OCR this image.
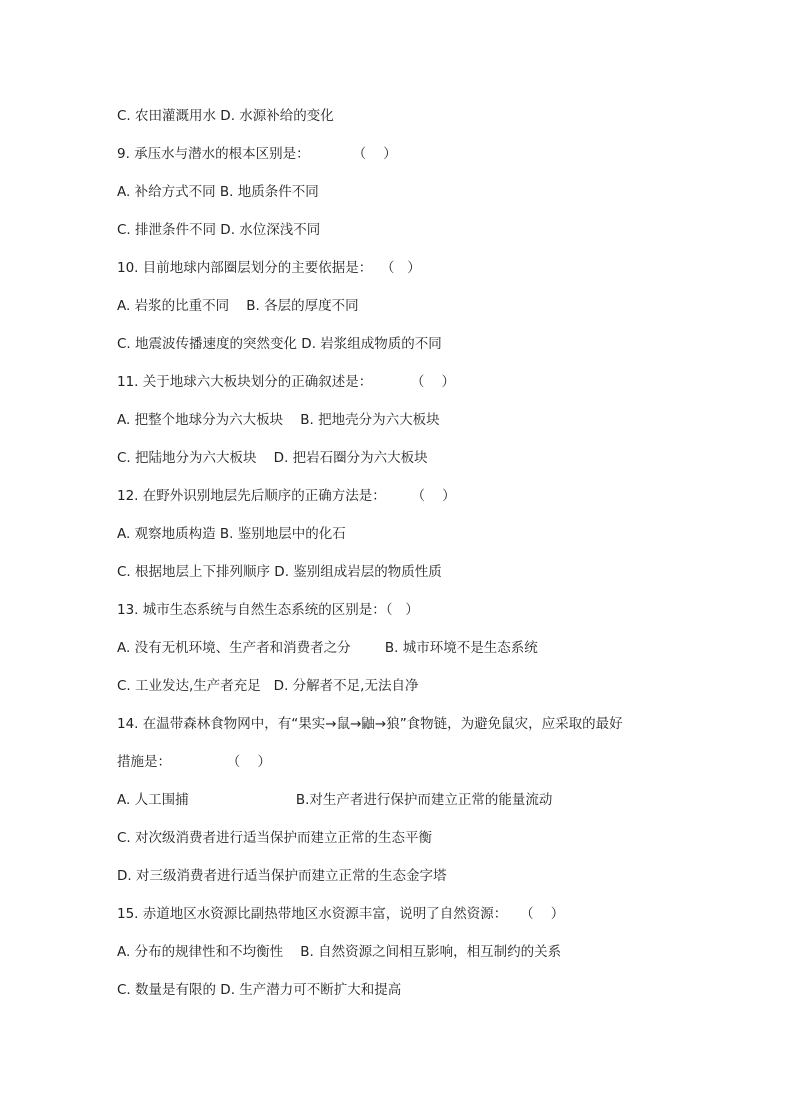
C. 农田灌溉用水 D. 水源补给的变化
9. 承压水与潜水的根本区别是：          （    ）
A. 补给方式不同 B. 地质条件不同
C. 排泄条件不同 D. 水位深浅不同
10. 目前地球内部圈层划分的主要依据是：  （   ）
A. 岩浆的比重不同    B. 各层的厚度不同
C. 地震波传播速度的突然变化 D. 岩浆组成物质的不同
11. 关于地球六大板块划分的正确叙述是：         （    ）
A. 把整个地球分为六大板块    B. 把地壳分为六大板块
C. 把陆地分为六大板块    D. 把岩石圈分为六大板块
12. 在野外识别地层先后顺序的正确方法是：      （    ）
A. 观察地质构造 B. 鉴别地层中的化石
C. 根据地层上下排列顺序 D. 鉴别组成岩层的物质性质
13. 城市生态系统与自然生态系统的区别是：（   ）
A. 没有无机环境、生产者和消费者之分        B. 城市环境不是生态系统
C. 工业发达,生产者充足   D. 分解者不足,无法自净
14. 在温带森林食物网中，有“果实→鼠→鼬→狼”食物链，为避免鼠灾，应采取的最好
措施是：             （    ）
A. 人工围捕                         B.对生产者进行保护而建立正常的能量流动
C. 对次级消费者进行适当保护而建立正常的生态平衡
D. 对三级消费者进行适当保护而建立正常的生态金字塔
15. 赤道地区水资源比副热带地区水资源丰富，说明了自然资源：   （    ）
A. 分布的规律性和不均衡性    B. 自然资源之间相互影响，相互制约的关系
C. 数量是有限的 D. 生产潜力可不断扩大和提高
